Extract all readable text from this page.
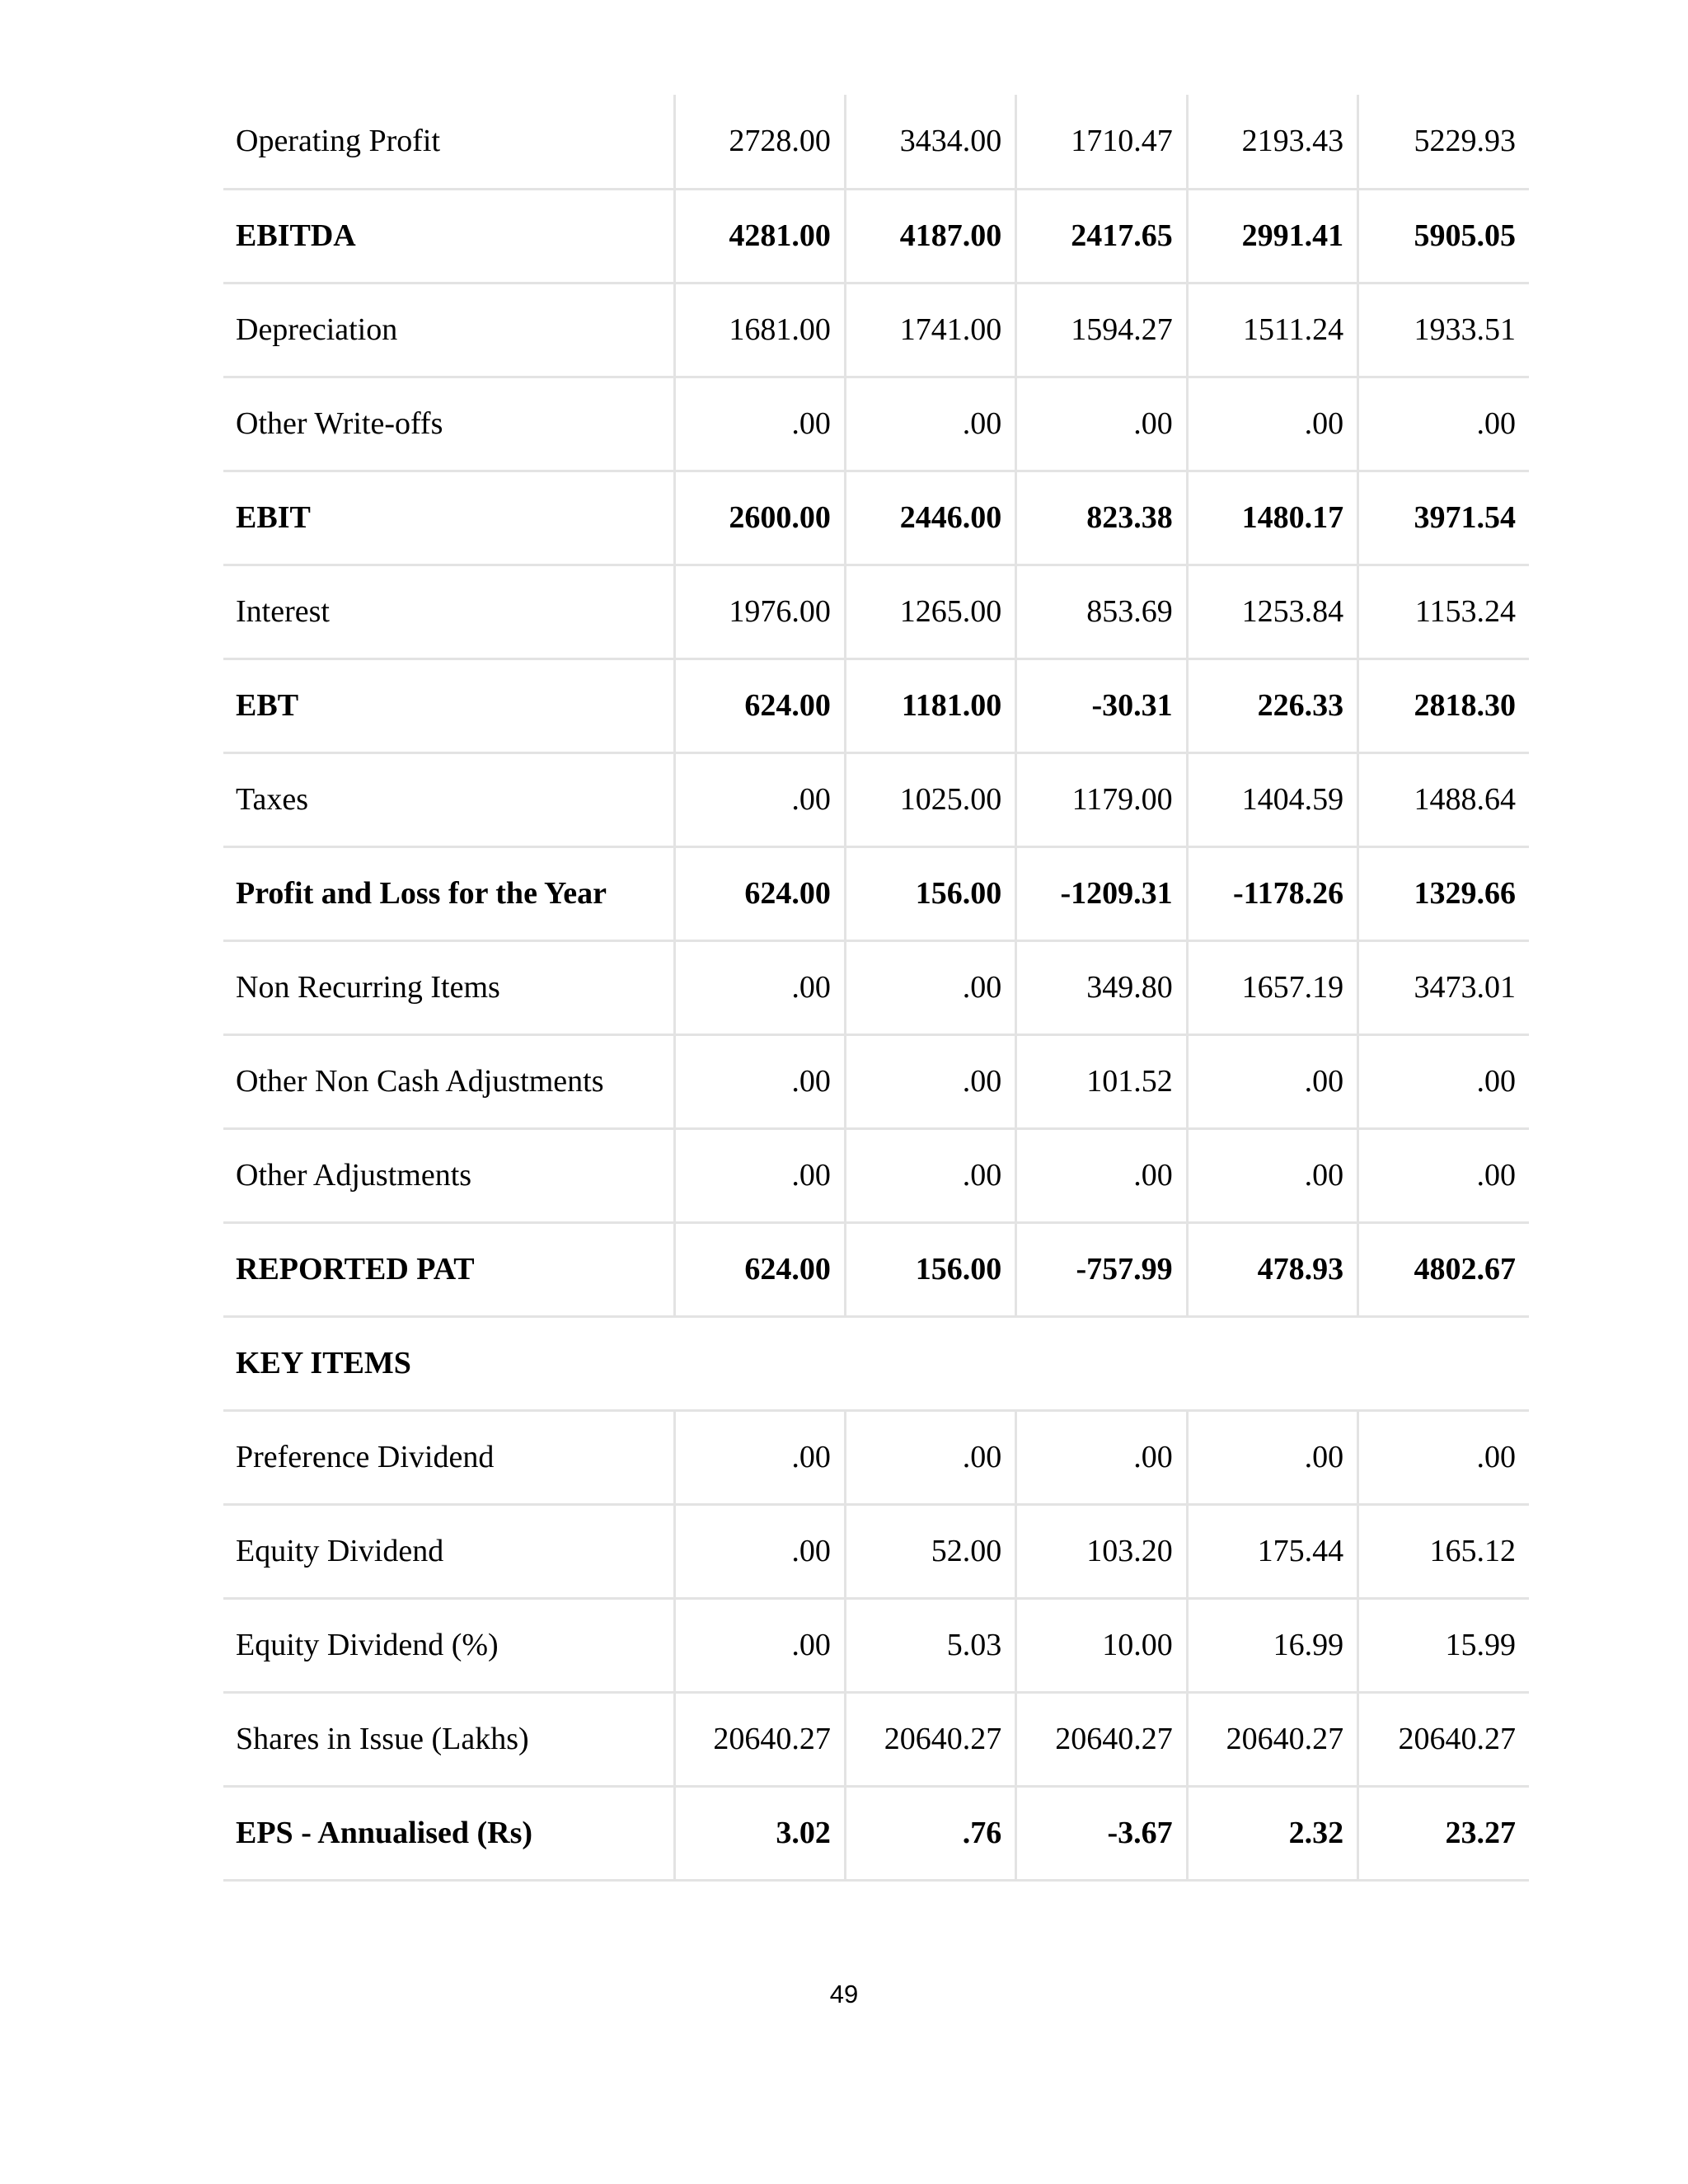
Operating Profit	2728.00	3434.00	1710.47	2193.43	5229.93
EBITDA	4281.00	4187.00	2417.65	2991.41	5905.05
Depreciation	1681.00	1741.00	1594.27	1511.24	1933.51
Other Write-offs	.00	.00	.00	.00	.00
EBIT	2600.00	2446.00	823.38	1480.17	3971.54
Interest	1976.00	1265.00	853.69	1253.84	1153.24
EBT	624.00	1181.00	-30.31	226.33	2818.30
Taxes	.00	1025.00	1179.00	1404.59	1488.64
Profit and Loss for the Year	624.00	156.00	-1209.31	-1178.26	1329.66
Non Recurring Items	.00	.00	349.80	1657.19	3473.01
Other Non Cash Adjustments	.00	.00	101.52	.00	.00
Other Adjustments	.00	.00	.00	.00	.00
REPORTED PAT	624.00	156.00	-757.99	478.93	4802.67
KEY ITEMS					
Preference Dividend	.00	.00	.00	.00	.00
Equity Dividend	.00	52.00	103.20	175.44	165.12
Equity Dividend (%)	.00	5.03	10.00	16.99	15.99
Shares in Issue (Lakhs)	20640.27	20640.27	20640.27	20640.27	20640.27
EPS - Annualised (Rs)	3.02	.76	-3.67	2.32	23.27
49
